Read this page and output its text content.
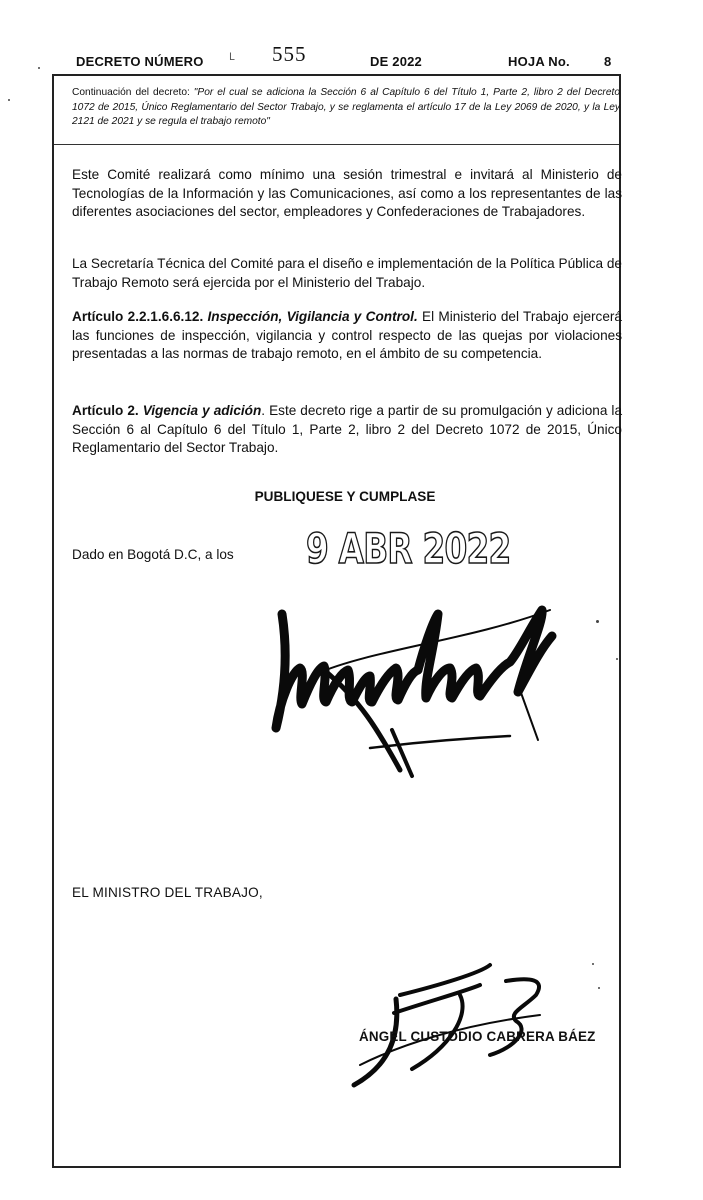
DECRETO NÚMERO	ᒪ 555	DE 2022	HOJA No.	8
Continuación del decreto: "Por el cual se adiciona la Sección 6 al Capítulo 6 del Título 1, Parte 2, libro 2 del Decreto 1072 de 2015, Único Reglamentario del Sector Trabajo, y se reglamenta el artículo 17 de la Ley 2069 de 2020, y la Ley 2121 de 2021 y se regula el trabajo remoto"
Este Comité realizará como mínimo una sesión trimestral e invitará al Ministerio de Tecnologías de la Información y las Comunicaciones, así como a los representantes de las diferentes asociaciones del sector, empleadores y Confederaciones de Trabajadores.
La Secretaría Técnica del Comité para el diseño e implementación de la Política Pública de Trabajo Remoto será ejercida por el Ministerio del Trabajo.
Artículo 2.2.1.6.6.12. Inspección, Vigilancia y Control. El Ministerio del Trabajo ejercerá las funciones de inspección, vigilancia y control respecto de las quejas por violaciones presentadas a las normas de trabajo remoto, en el ámbito de su competencia.
Artículo 2. Vigencia y adición. Este decreto rige a partir de su promulgación y adiciona la Sección 6 al Capítulo 6 del Título 1, Parte 2, libro 2 del Decreto 1072 de 2015, Único Reglamentario del Sector Trabajo.
PUBLIQUESE Y CUMPLASE
Dado en Bogotá D.C, a los 9 ABR 2022
EL MINISTRO DEL TRABAJO,
ÁNGEL CUSTODIO CABRERA BÁEZ
